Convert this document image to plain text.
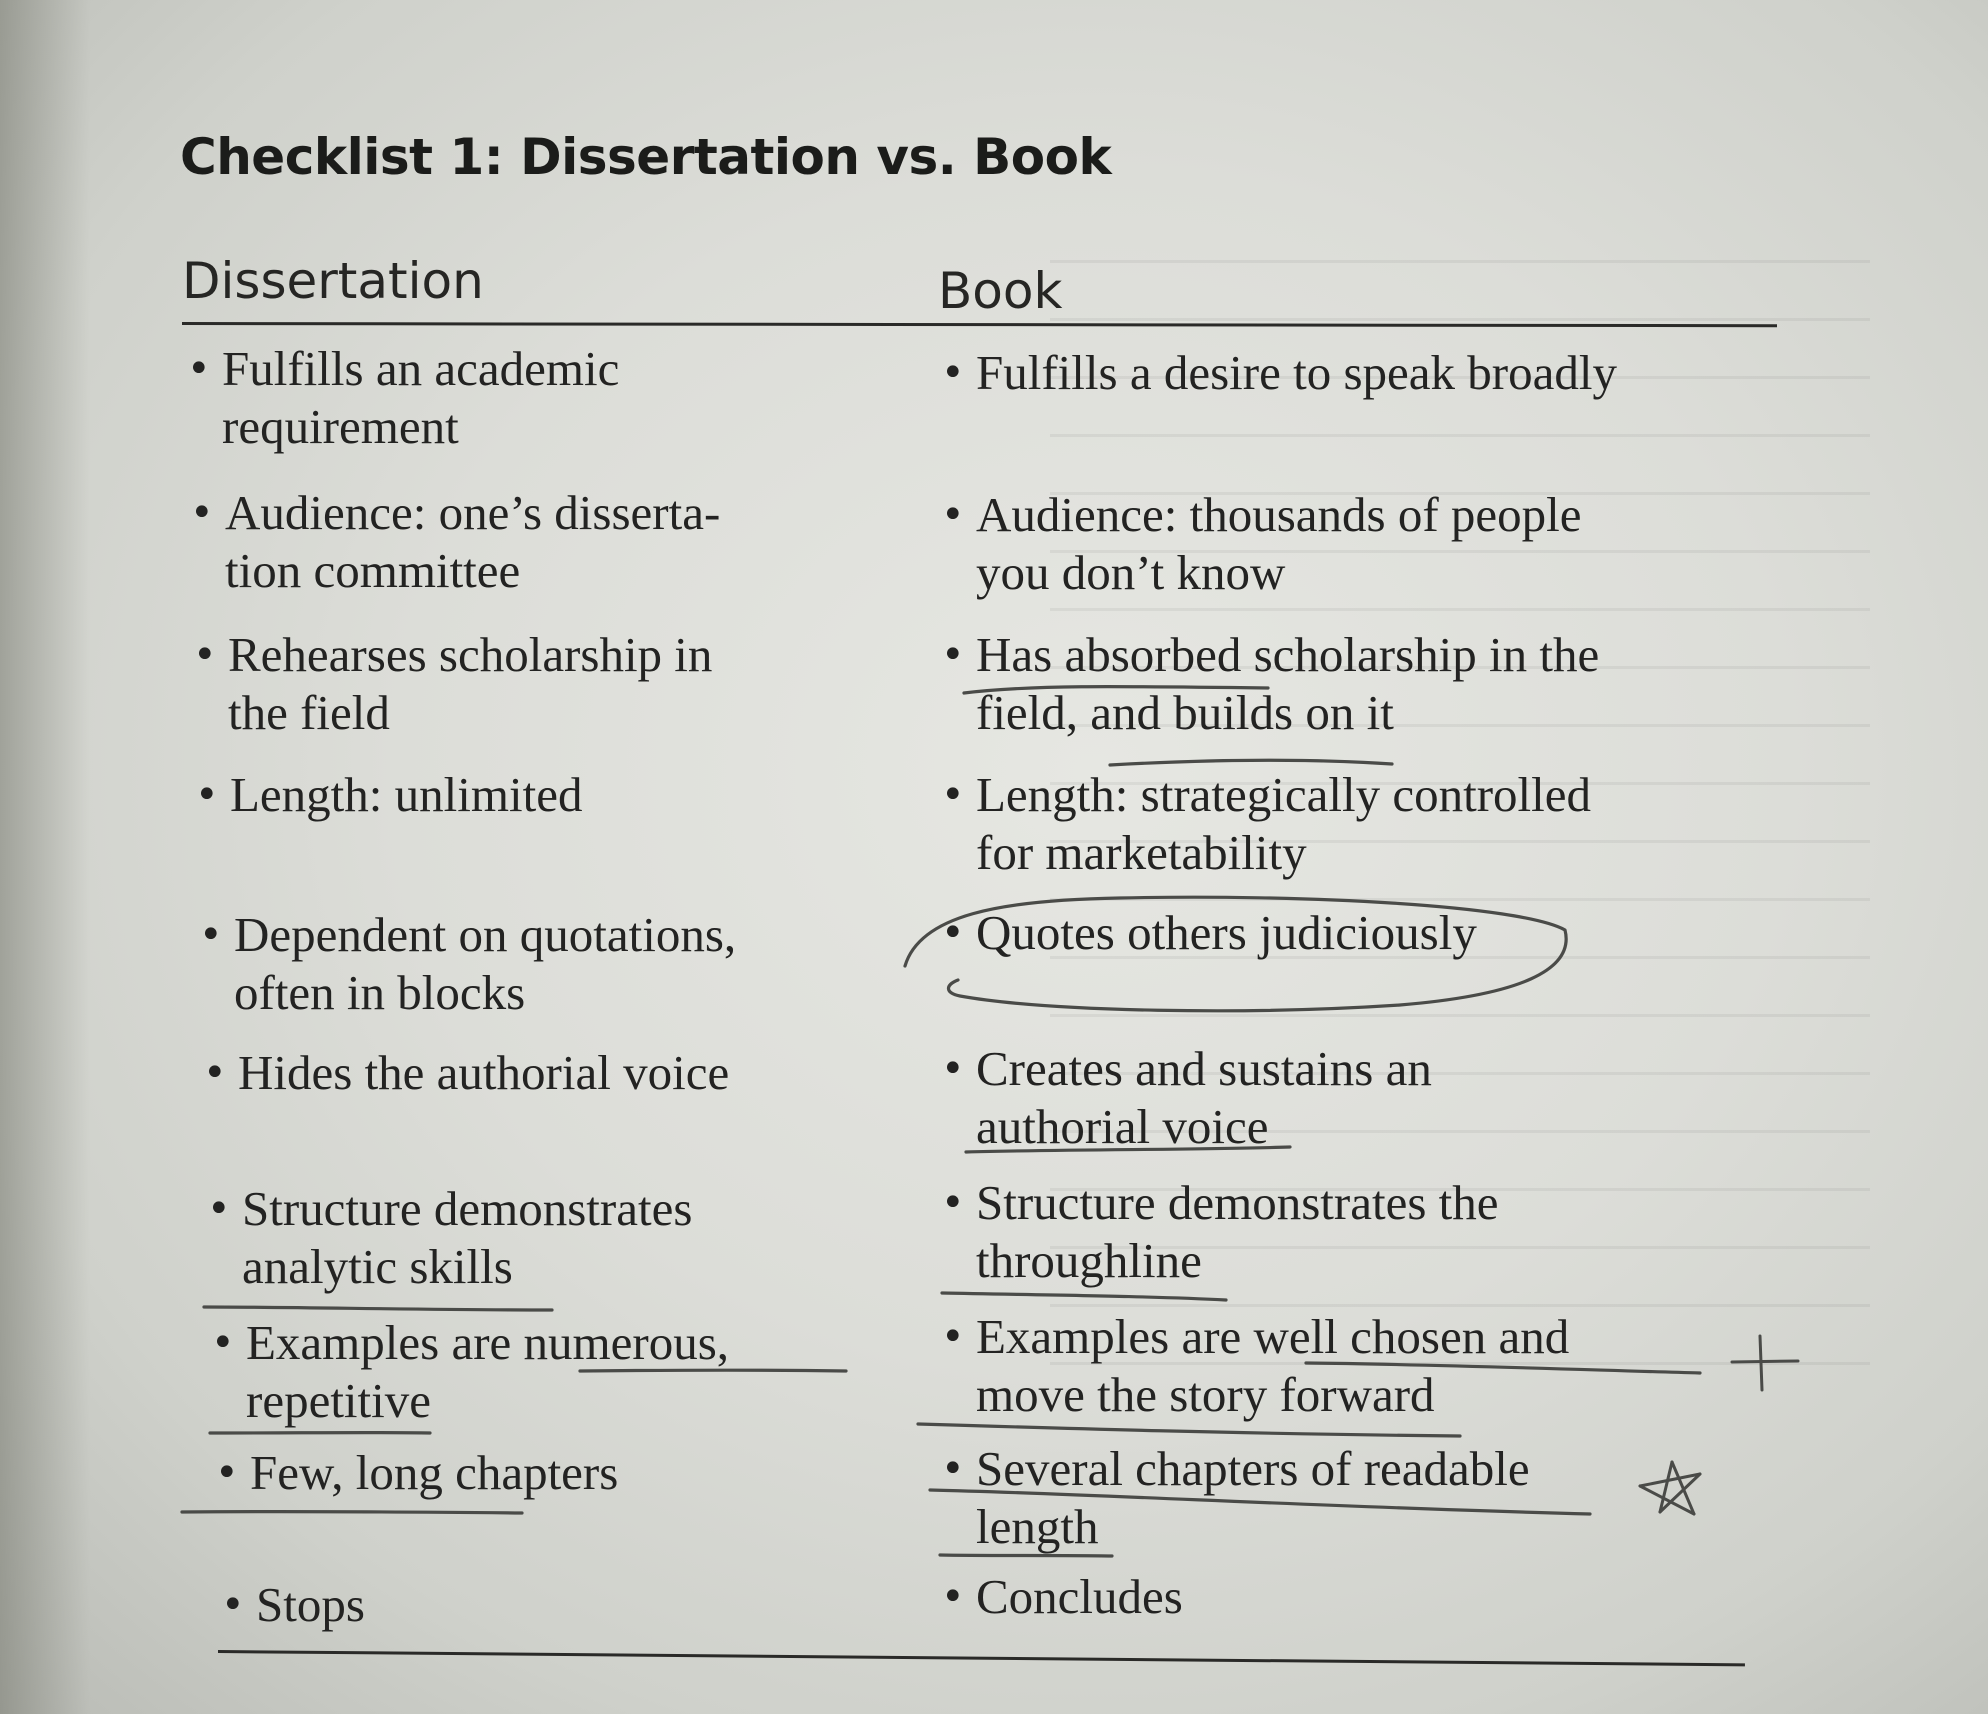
Checklist 1: Dissertation vs. Book
Dissertation	Book
• Fulfills an academic
requirement
• Audience: one’s disserta-
tion committee
• Rehearses scholarship in
the field
• Length: unlimited
• Dependent on quotations,
often in blocks
• Hides the authorial voice
• Structure demonstrates
analytic skills
• Examples are numerous,
repetitive
• Few, long chapters
• Stops
• Fulfills a desire to speak broadly
• Audience: thousands of people
you don’t know
• Has absorbed scholarship in the
field, and builds on it
• Length: strategically controlled
for marketability
• Quotes others judiciously
• Creates and sustains an
authorial voice
• Structure demonstrates the
throughline
• Examples are well chosen and
move the story forward
• Several chapters of readable
length
• Concludes
